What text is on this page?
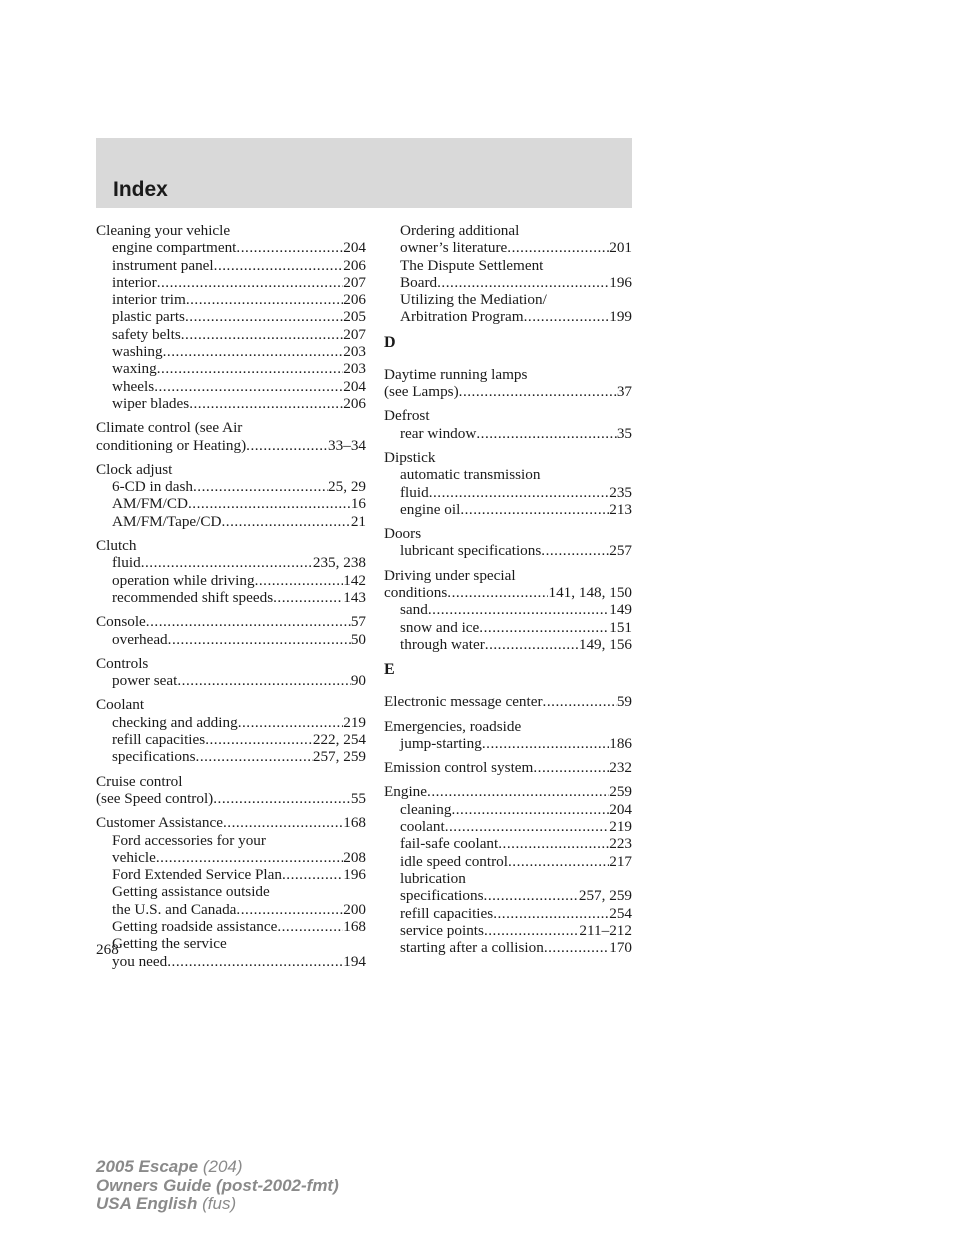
Index
Cleaning your vehicle
engine compartment .....	204
instrument panel .....	206
interior .....	207
interior trim .....	206
plastic parts .....	205
safety belts .....	207
washing .....	203
waxing .....	203
wheels .....	204
wiper blades .....	206
Climate control (see Air
conditioning or Heating) .....	33–34
Clock adjust
6-CD in dash .....	25, 29
AM/FM/CD .....	16
AM/FM/Tape/CD .....	21
Clutch
fluid .....	235, 238
operation while driving .....	142
recommended shift speeds .....	143
Console .....	57
overhead .....	50
Controls
power seat .....	90
Coolant
checking and adding .....	219
refill capacities .....	222, 254
specifications .....	257, 259
Cruise control
(see Speed control) .....	55
Customer Assistance .....	168
Ford accessories for your
vehicle .....	208
Ford Extended Service Plan .....	196
Getting assistance outside
the U.S. and Canada .....	200
Getting roadside assistance .....	168
Getting the service
you need .....	194
Ordering additional
owner’s literature .....	201
The Dispute Settlement
Board .....	196
Utilizing the Mediation/
Arbitration Program .....	199
D
Daytime running lamps
(see Lamps) .....	37
Defrost
rear window .....	35
Dipstick
automatic transmission
fluid .....	235
engine oil .....	213
Doors
lubricant specifications .....	257
Driving under special
conditions .....	141, 148, 150
sand .....	149
snow and ice .....	151
through water .....	149, 156
E
Electronic message center .....	59
Emergencies, roadside
jump-starting .....	186
Emission control system .....	232
Engine .....	259
cleaning .....	204
coolant .....	219
fail-safe coolant .....	223
idle speed control .....	217
lubrication
specifications .....	257, 259
refill capacities .....	254
service points .....	211–212
starting after a collision .....	170
268
2005 Escape (204)
Owners Guide (post-2002-fmt)
USA English (fus)
